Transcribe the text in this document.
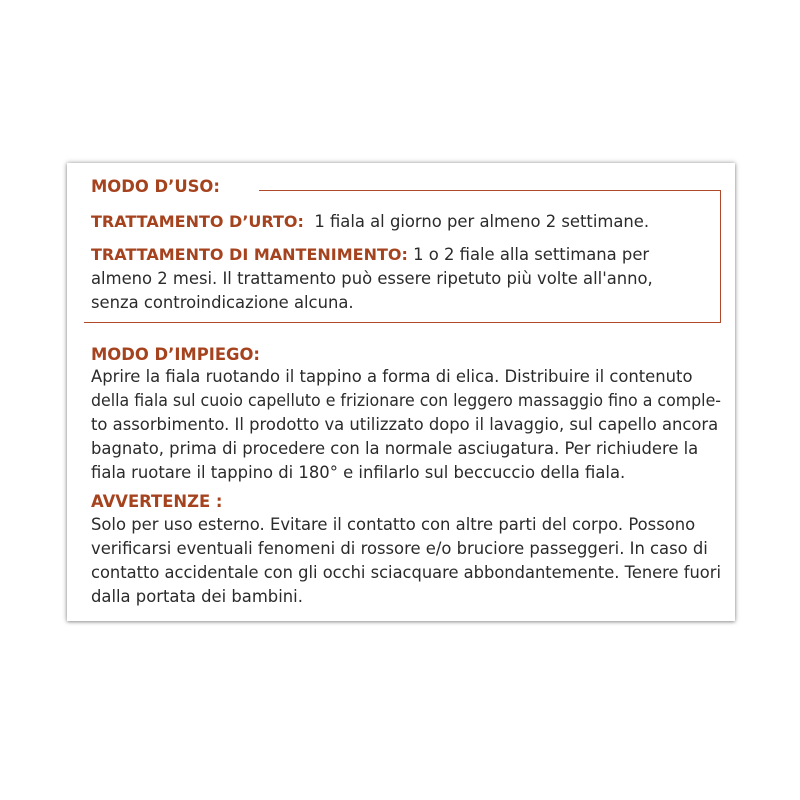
MODO D’USO:
TRATTAMENTO D’URTO:  1 fiala al giorno per almeno 2 settimane.
TRATTAMENTO DI MANTENIMENTO: 1 o 2 fiale alla settimana per
almeno 2 mesi. Il trattamento può essere ripetuto più volte all'anno,
senza controindicazione alcuna.
MODO D’IMPIEGO:
Aprire la fiala ruotando il tappino a forma di elica. Distribuire il contenuto
della fiala sul cuoio capelluto e frizionare con leggero massaggio fino a comple-
to assorbimento. Il prodotto va utilizzato dopo il lavaggio, sul capello ancora
bagnato, prima di procedere con la normale asciugatura. Per richiudere la
fiala ruotare il tappino di 180° e infilarlo sul beccuccio della fiala.
AVVERTENZE :
Solo per uso esterno. Evitare il contatto con altre parti del corpo. Possono
verificarsi eventuali fenomeni di rossore e/o bruciore passeggeri. In caso di
contatto accidentale con gli occhi sciacquare abbondantemente. Tenere fuori
dalla portata dei bambini.
